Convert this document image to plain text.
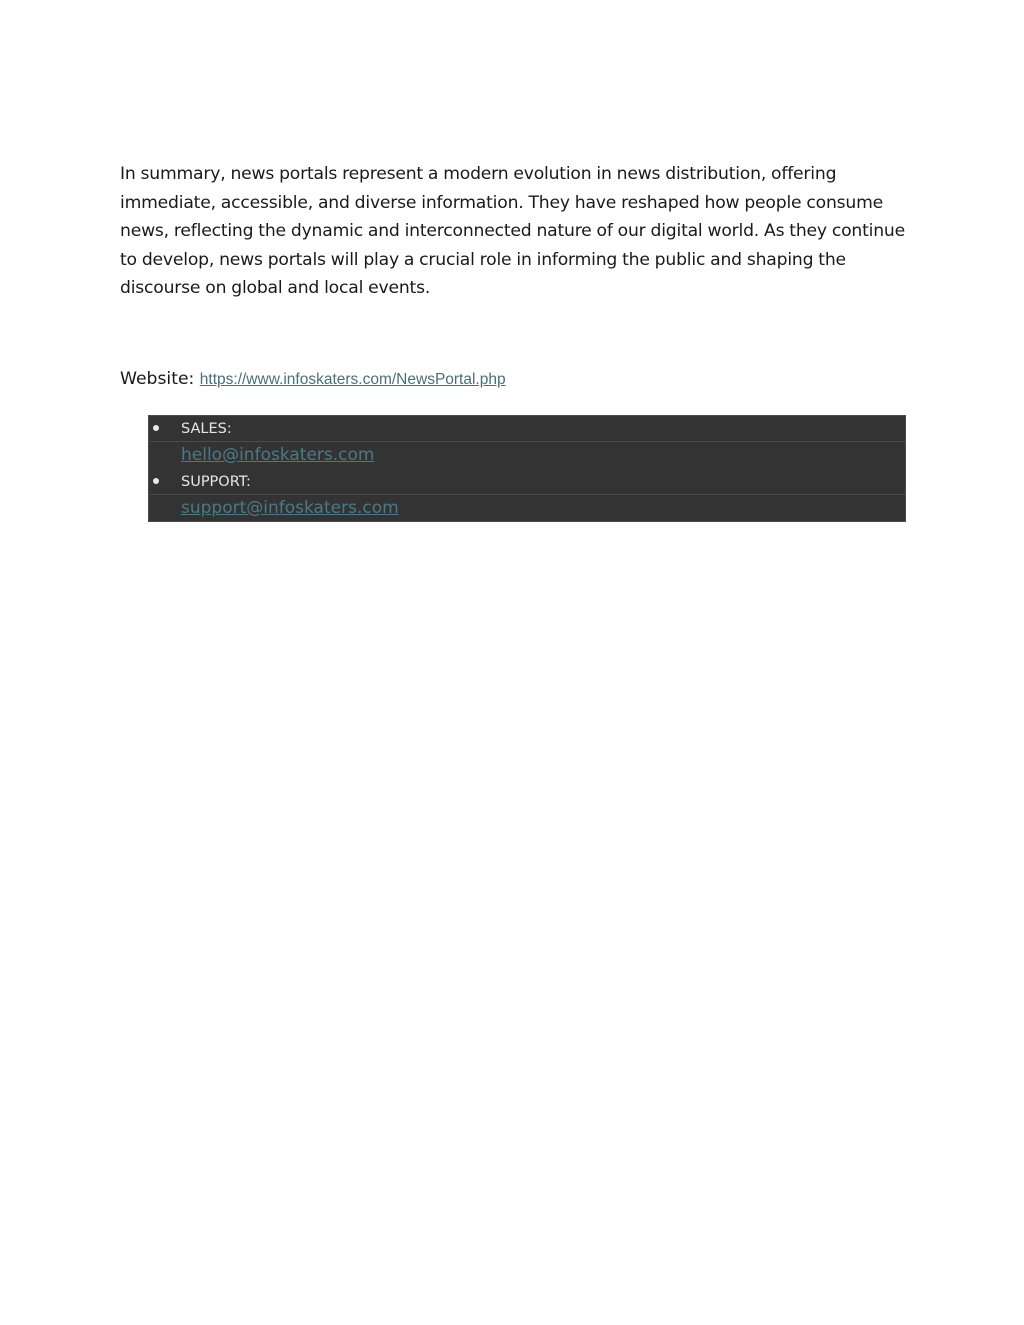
In summary, news portals represent a modern evolution in news distribution, offering immediate, accessible, and diverse information. They have reshaped how people consume news, reflecting the dynamic and interconnected nature of our digital world. As they continue to develop, news portals will play a crucial role in informing the public and shaping the discourse on global and local events.

Website: https://www.infoskaters.com/NewsPortal.php
SALES:
hello@infoskaters.com
SUPPORT:
support@infoskaters.com
